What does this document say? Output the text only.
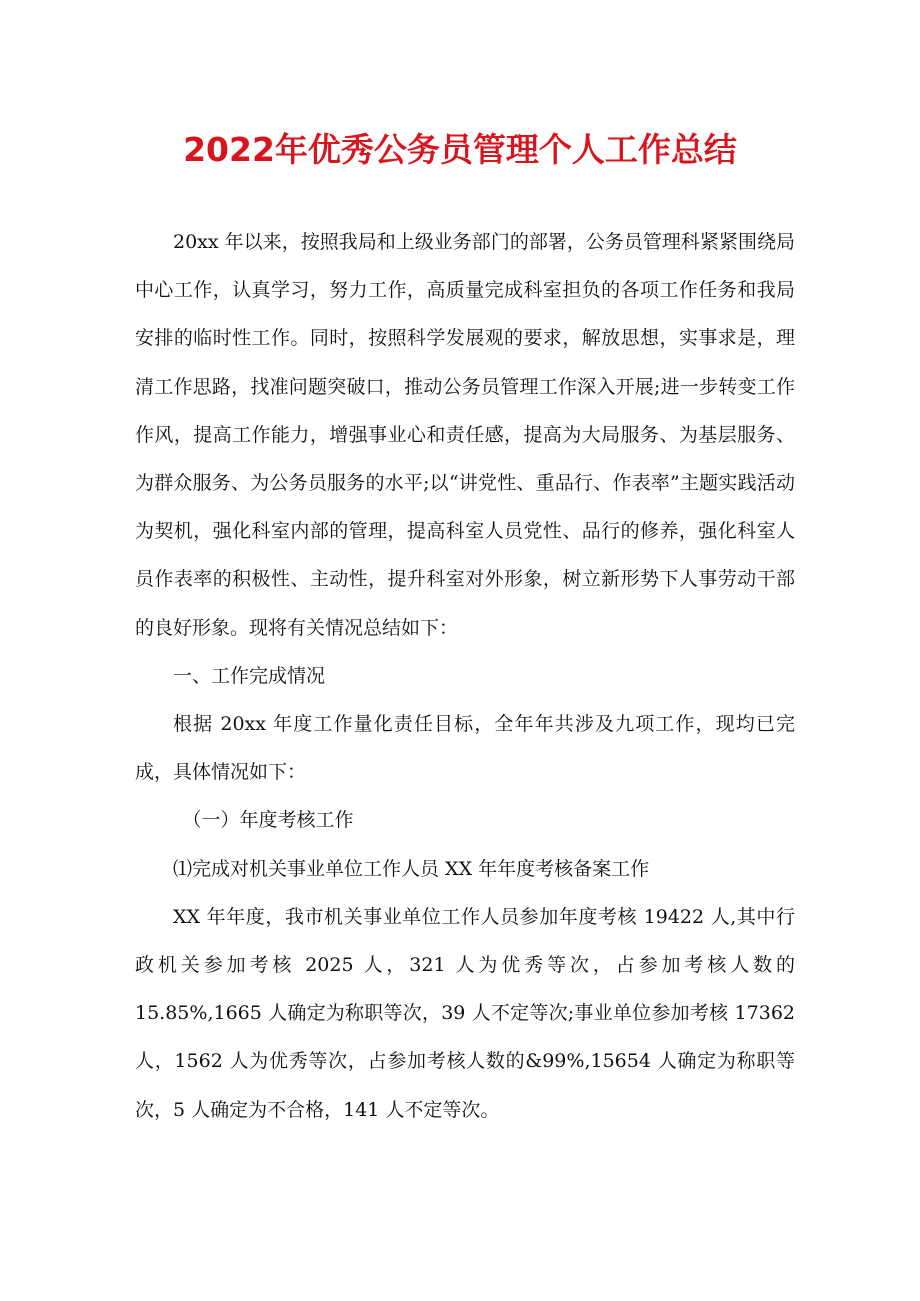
2022年优秀公务员管理个人工作总结

20xx 年以来，按照我局和上级业务部门的部署，公务员管理科紧紧围绕局中心工作，认真学习，努力工作，高质量完成科室担负的各项工作任务和我局安排的临时性工作。同时，按照科学发展观的要求，解放思想，实事求是，理清工作思路，找准问题突破口，推动公务员管理工作深入开展;进一步转变工作作风，提高工作能力，增强事业心和责任感，提高为大局服务、为基层服务、为群众服务、为公务员服务的水平;以“讲党性、重品行、作表率”主题实践活动为契机，强化科室内部的管理，提高科室人员党性、品行的修养，强化科室人员作表率的积极性、主动性，提升科室对外形象，树立新形势下人事劳动干部的良好形象。现将有关情况总结如下：

一、工作完成情况

根据 20xx 年度工作量化责任目标，全年年共涉及九项工作，现均已完成，具体情况如下：

（一）年度考核工作

⑴完成对机关事业单位工作人员 XX 年年度考核备案工作

XX 年年度，我市机关事业单位工作人员参加年度考核 19422 人,其中行政机关参加考核 2025 人，321 人为优秀等次，占参加考核人数的 15.85%,1665 人确定为称职等次，39 人不定等次;事业单位参加考核 17362 人，1562 人为优秀等次，占参加考核人数的&99%,15654 人确定为称职等次，5 人确定为不合格，141 人不定等次。
